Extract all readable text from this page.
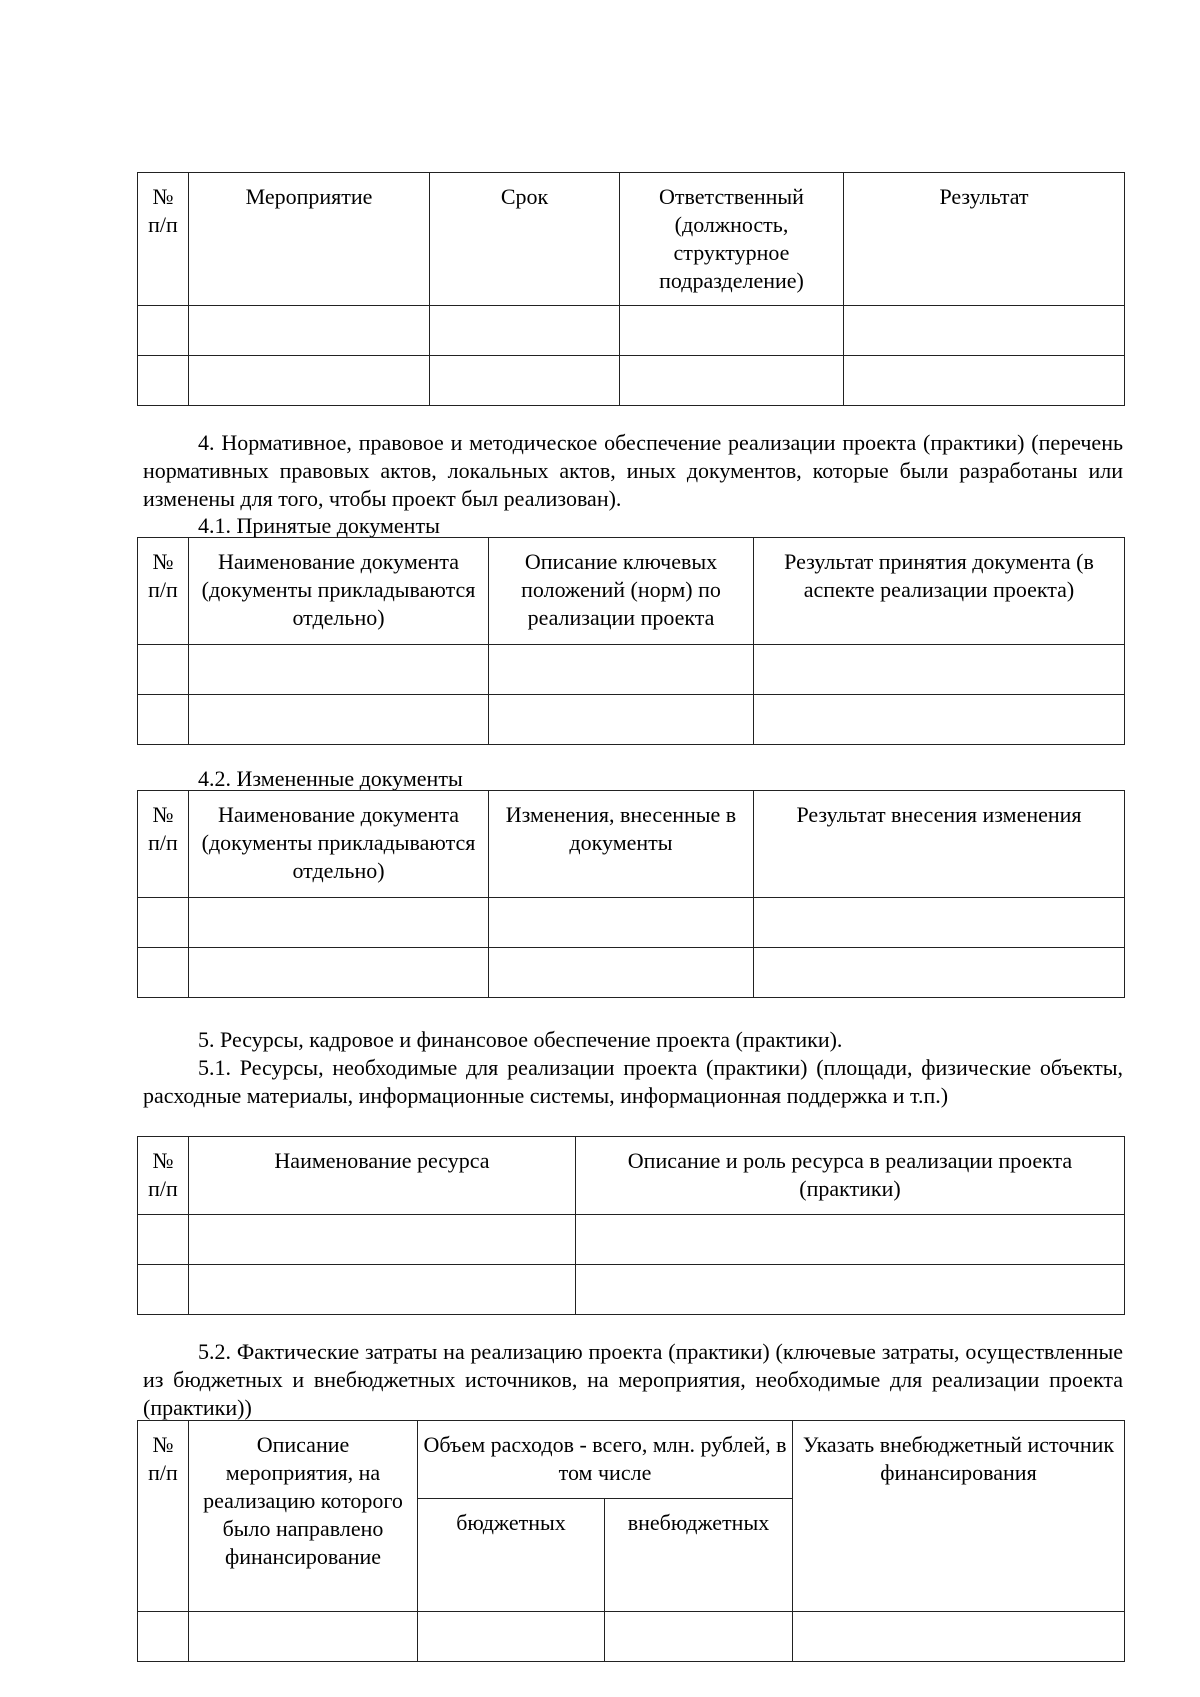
№ п/п	Мероприятие	Срок	Ответственный (должность, структурное подразделение)	Результат

4. Нормативное, правовое и методическое обеспечение реализации проекта (практики) (перечень нормативных правовых актов, локальных актов, иных документов, которые были разработаны или изменены для того, чтобы проект был реализован).
4.1. Принятые документы
№ п/п	Наименование документа (документы прикладываются отдельно)	Описание ключевых положений (норм) по реализации проекта	Результат принятия документа (в аспекте реализации проекта)

4.2. Измененные документы
№ п/п	Наименование документа (документы прикладываются отдельно)	Изменения, внесенные в документы	Результат внесения изменения

5. Ресурсы, кадровое и финансовое обеспечение проекта (практики).
5.1. Ресурсы, необходимые для реализации проекта (практики) (площади, физические объекты, расходные материалы, информационные системы, информационная поддержка и т.п.)
№ п/п	Наименование ресурса	Описание и роль ресурса в реализации проекта (практики)

5.2. Фактические затраты на реализацию проекта (практики) (ключевые затраты, осуществленные из бюджетных и внебюджетных источников, на мероприятия, необходимые для реализации проекта (практики))
№ п/п	Описание мероприятия, на реализацию которого было направлено финансирование	Объем расходов - всего, млн. рублей, в том числе		Указать внебюджетный источник финансирования
		бюджетных	внебюджетных	
